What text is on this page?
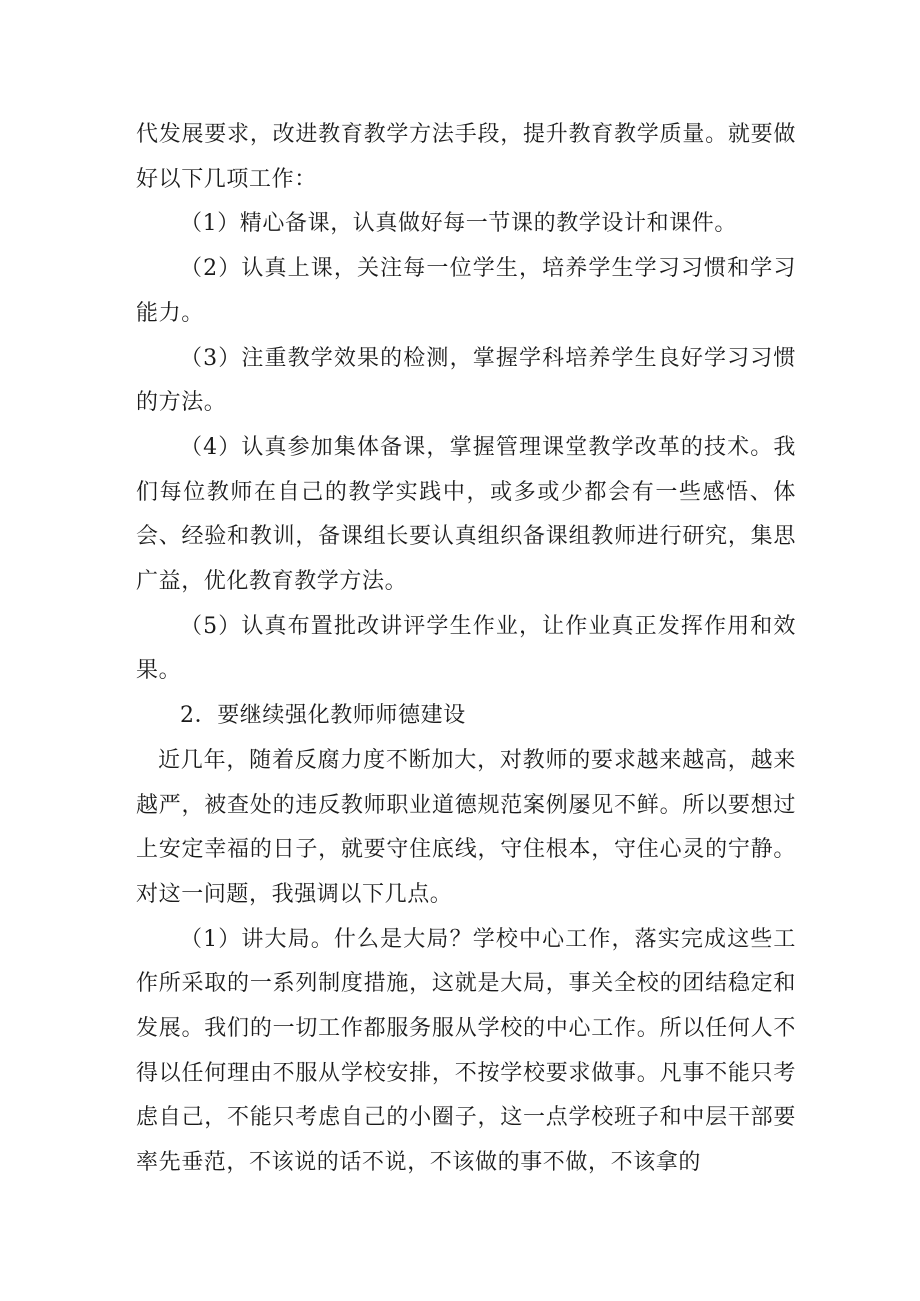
代发展要求，改进教育教学方法手段，提升教育教学质量。就要做好以下几项工作：

（1）精心备课，认真做好每一节课的教学设计和课件。

（2）认真上课，关注每一位学生，培养学生学习习惯和学习能力。

（3）注重教学效果的检测，掌握学科培养学生良好学习习惯的方法。

（4）认真参加集体备课，掌握管理课堂教学改革的技术。我们每位教师在自己的教学实践中，或多或少都会有一些感悟、体会、经验和教训，备课组长要认真组织备课组教师进行研究，集思广益，优化教育教学方法。

（5）认真布置批改讲评学生作业，让作业真正发挥作用和效果。

2．要继续强化教师师德建设

近几年，随着反腐力度不断加大，对教师的要求越来越高，越来越严，被查处的违反教师职业道德规范案例屡见不鲜。所以要想过上安定幸福的日子，就要守住底线，守住根本，守住心灵的宁静。对这一问题，我强调以下几点。

（1）讲大局。什么是大局？学校中心工作，落实完成这些工作所采取的一系列制度措施，这就是大局，事关全校的团结稳定和发展。我们的一切工作都服务服从学校的中心工作。所以任何人不得以任何理由不服从学校安排，不按学校要求做事。凡事不能只考虑自己，不能只考虑自己的小圈子，这一点学校班子和中层干部要率先垂范，不该说的话不说，不该做的事不做，不该拿的
